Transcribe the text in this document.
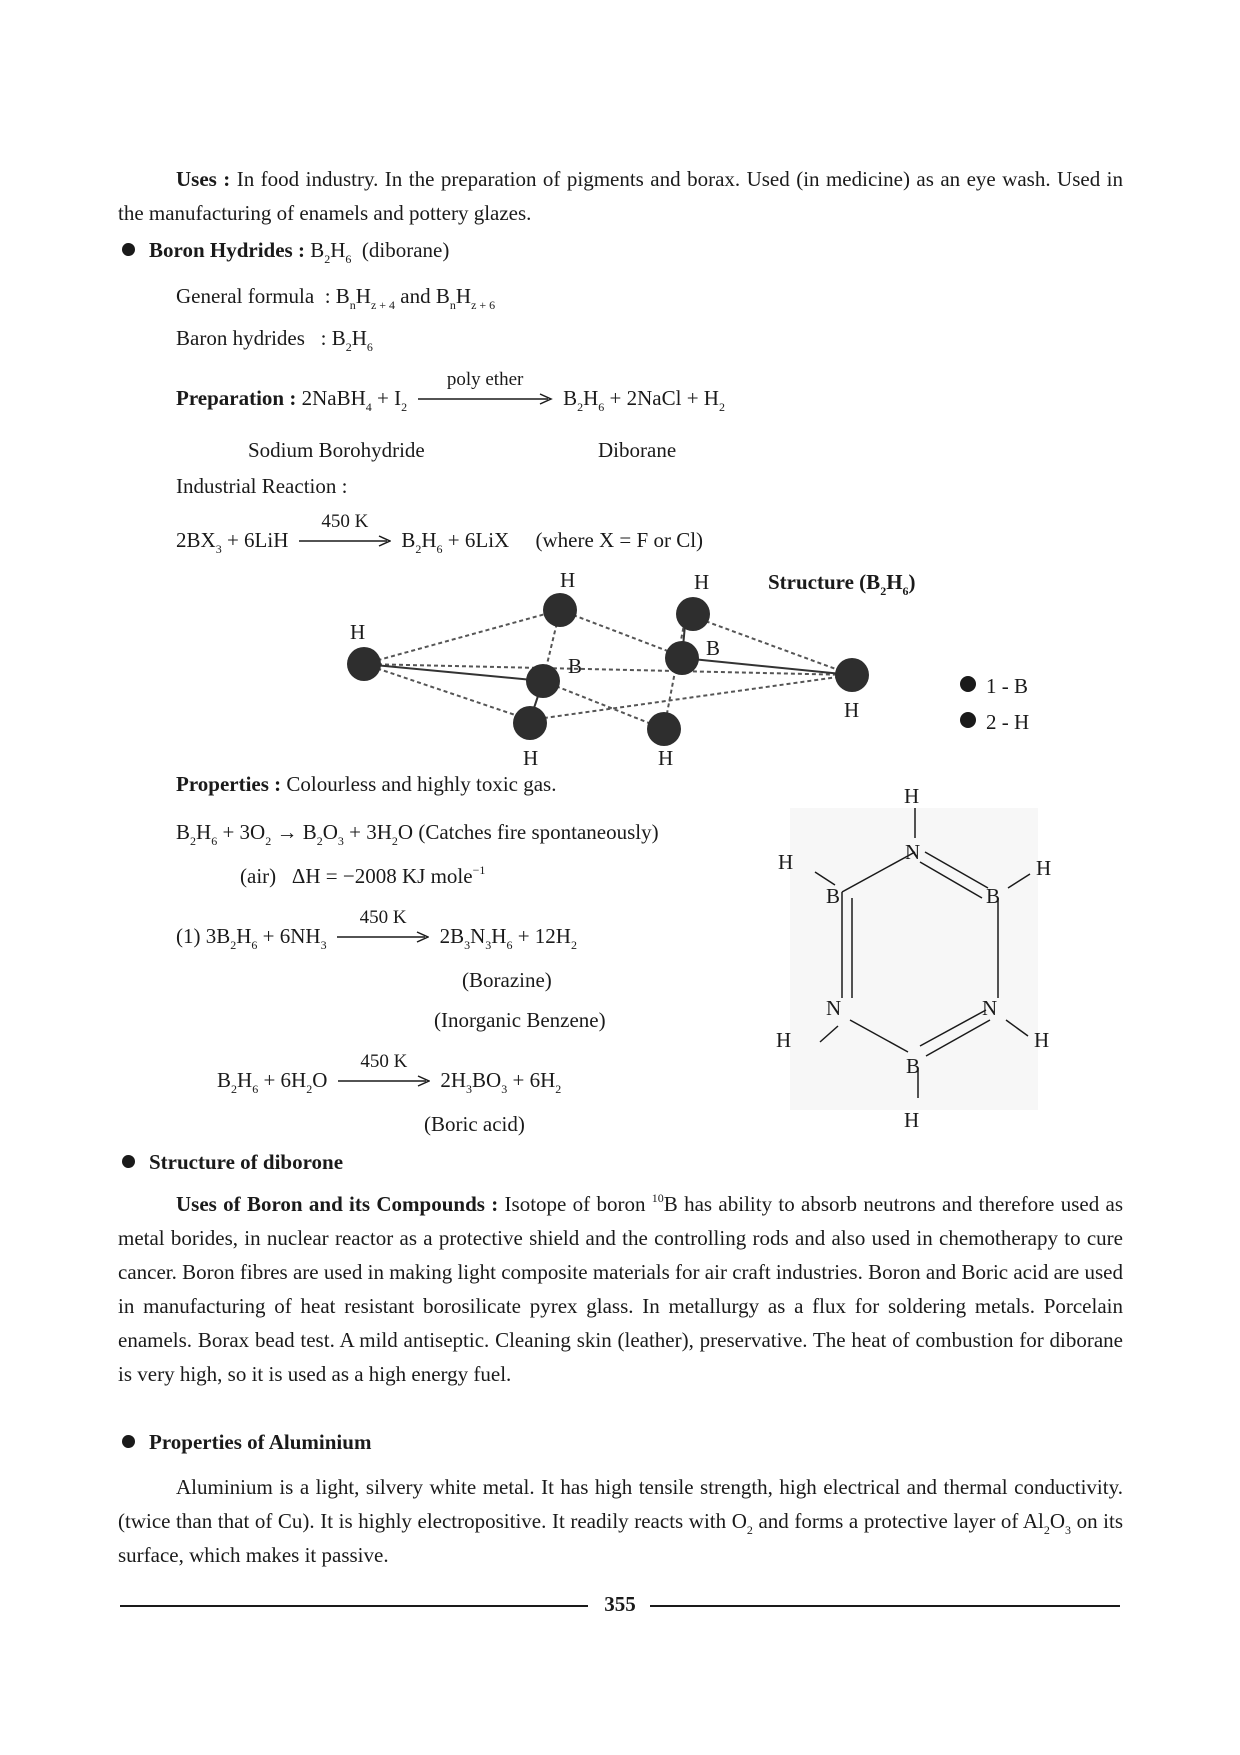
Uses : In food industry. In the preparation of pigments and borax. Used (in medicine) as an eye wash. Used in the manufacturing of enamels and pottery glazes.
Boron Hydrides : $B_2H_6$ (diborane)
General formula  : $B_nH_{z + 4}$ and $B_nH_{z + 6}$
Baron hydrides   : $B_2H_6$
Preparation : 2NaBH$_4$ + $I_2$
poly ether
$B_2H_6$ + 2NaCl + $H_2$
Sodium Borohydride	Diborane
Industrial Reaction :
$2BX_3 + 6LiH$
450 K
$B_2H_6 + 6LiX$     (where X = F or Cl)
Structure $(B_2H_6)$
H
H	H
B
B
H
H	H
1 - B
2 - H
Properties : Colourless and highly toxic gas.
$B_2H_6 + 3O_2 \to B_2O_3 + 3H_2O$ (Catches fire spontaneously)
(air) ΔH = −2008 KJ mole$^{-1}$
(1) $3B_2H_6 + 6NH_3$
450 K
$2B_3N_3H_6 + 12H_2$
(Borazine)
(Inorganic Benzene)
$B_2H_6 + 6H_2O$
450 K
$2H_3BO_3 + 6H_2$
(Boric acid)
H
N
H	H
B	B
N	N
H	H
B
H
Structure of diborone
Uses of Boron and its Compounds : Isotope of boron $^{10}$B has ability to absorb neutrons and therefore used as metal borides, in nuclear reactor as a protective shield and the controlling rods and also used in chemotherapy to cure cancer. Boron fibres are used in making light composite materials for air craft industries. Boron and Boric acid are used in manufacturing of heat resistant borosilicate pyrex glass. In metallurgy as a flux for soldering metals. Porcelain enamels. Borax bead test. A mild antiseptic. Cleaning skin (leather), preservative. The heat of combustion for diborane is very high, so it is used as a high energy fuel.
Properties of Aluminium
Aluminium is a light, silvery white metal. It has high tensile strength, high electrical and thermal conductivity. (twice than that of Cu). It is highly electropositive. It readily reacts with $O_2$ and forms a protective layer of $Al_2O_3$ on its surface, which makes it passive.
355
